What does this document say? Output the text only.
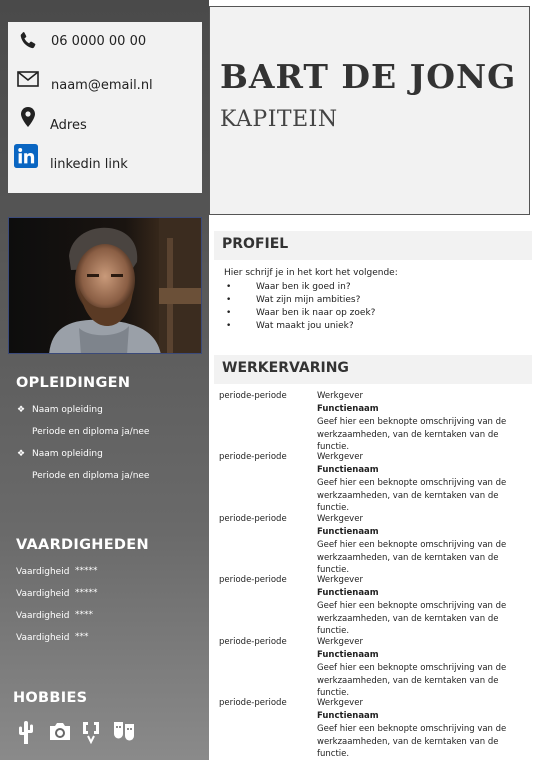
06 0000 00 00
naam@email.nl
Adres
linkedin link
OPLEIDINGEN
❖ Naam opleiding
Periode en diploma ja/nee
❖ Naam opleiding
Periode en diploma ja/nee
VAARDIGHEDEN
Vaardigheid *****
Vaardigheid *****
Vaardigheid ****
Vaardigheid ***
HOBBIES
BART DE JONG
KAPITEIN
PROFIEL
Hier schrijf je in het kort het volgende:
•	Waar ben ik goed in?
•	Wat zijn mijn ambities?
•	Waar ben ik naar op zoek?
•	Wat maakt jou uniek?
WERKERVARING
periode-periode	Werkgever
Functienaam
Geef hier een beknopte omschrijving van de werkzaamheden, van de kerntaken van de functie.
periode-periode	Werkgever
Functienaam
Geef hier een beknopte omschrijving van de werkzaamheden, van de kerntaken van de functie.
periode-periode	Werkgever
Functienaam
Geef hier een beknopte omschrijving van de werkzaamheden, van de kerntaken van de functie.
periode-periode	Werkgever
Functienaam
Geef hier een beknopte omschrijving van de werkzaamheden, van de kerntaken van de functie.
periode-periode	Werkgever
Functienaam
Geef hier een beknopte omschrijving van de werkzaamheden, van de kerntaken van de functie.
periode-periode	Werkgever
Functienaam
Geef hier een beknopte omschrijving van de werkzaamheden, van de kerntaken van de functie.
